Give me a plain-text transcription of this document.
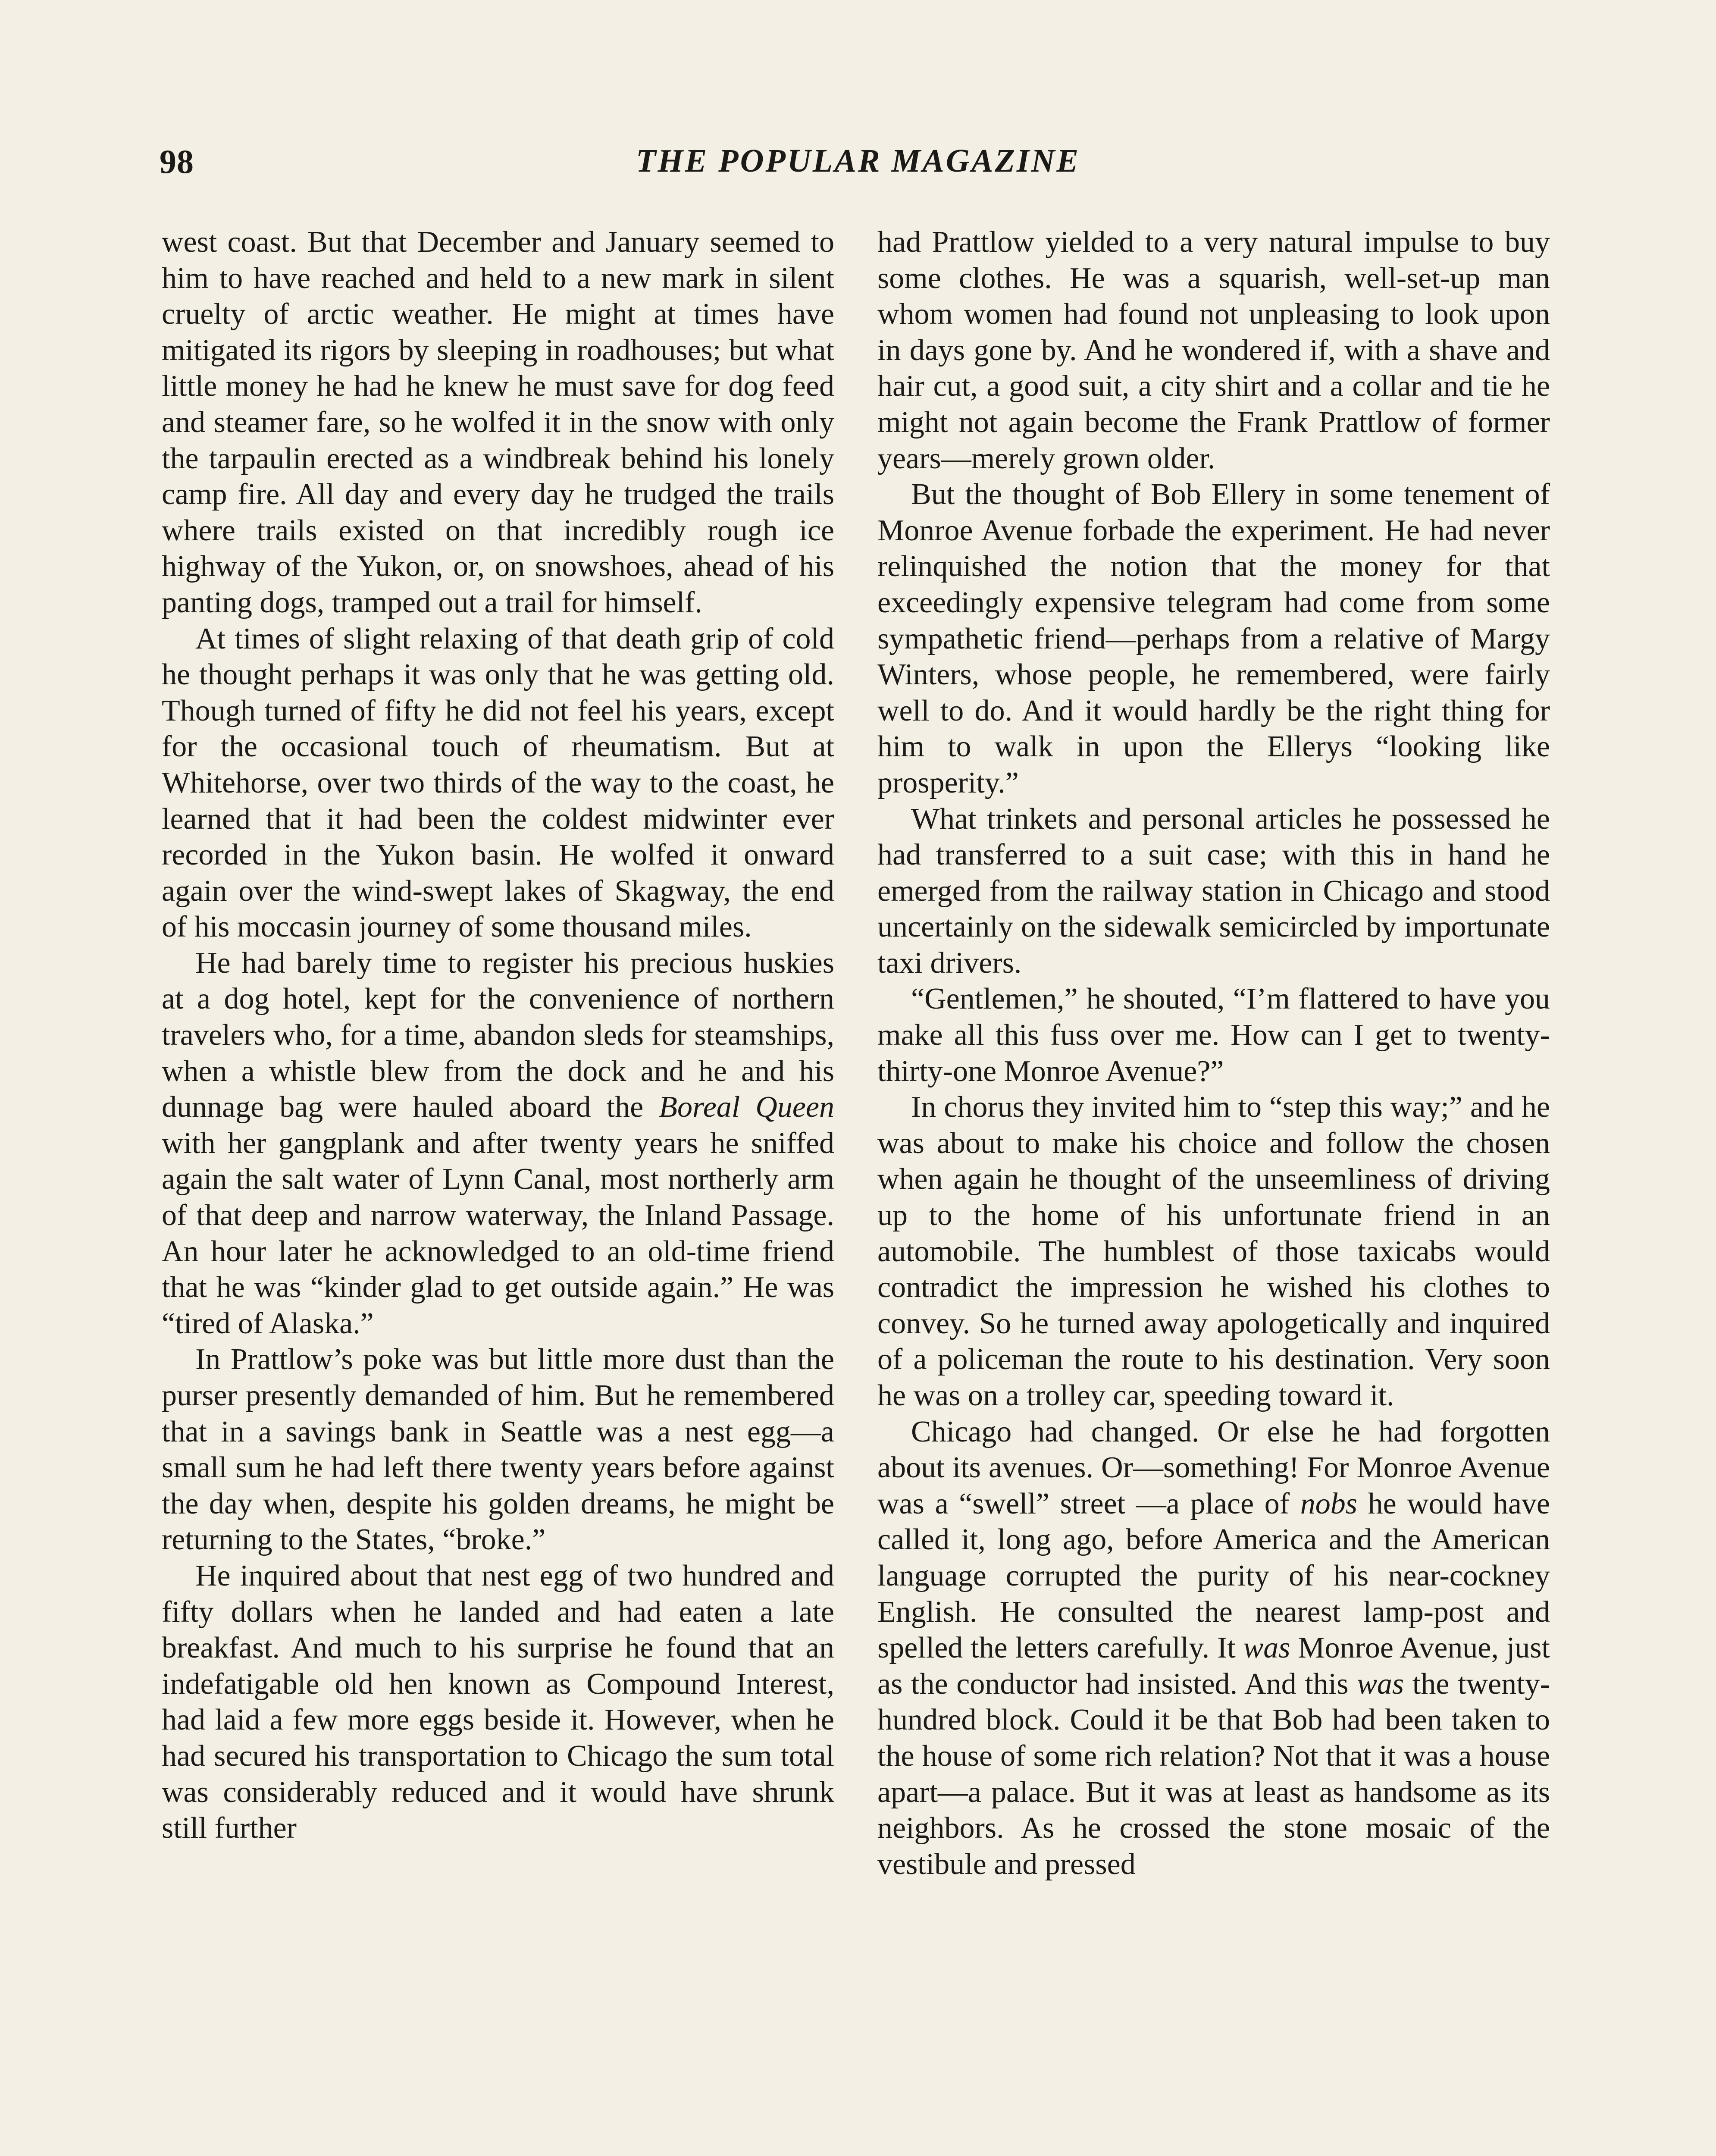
98	THE POPULAR MAGAZINE

west coast. But that December and January seemed to him to have reached and held to a new mark in silent cruelty of arctic weather. He might at times have mitigated its rigors by sleeping in roadhouses; but what little money he had he knew he must save for dog feed and steamer fare, so he wolfed it in the snow with only the tarpaulin erected as a windbreak behind his lonely camp fire. All day and every day he trudged the trails where trails existed on that incredibly rough ice highway of the Yukon, or, on snowshoes, ahead of his panting dogs, tramped out a trail for himself.

At times of slight relaxing of that death grip of cold he thought perhaps it was only that he was getting old. Though turned of fifty he did not feel his years, except for the occasional touch of rheumatism. But at Whitehorse, over two thirds of the way to the coast, he learned that it had been the coldest midwinter ever recorded in the Yukon basin. He wolfed it onward again over the wind-swept lakes of Skagway, the end of his moccasin journey of some thousand miles.

He had barely time to register his precious huskies at a dog hotel, kept for the convenience of northern travelers who, for a time, abandon sleds for steamships, when a whistle blew from the dock and he and his dunnage bag were hauled aboard the Boreal Queen with her gangplank and after twenty years he sniffed again the salt water of Lynn Canal, most northerly arm of that deep and narrow waterway, the Inland Passage. An hour later he acknowledged to an old-time friend that he was “kinder glad to get outside again.” He was “tired of Alaska.”

In Prattlow’s poke was but little more dust than the purser presently demanded of him. But he remembered that in a savings bank in Seattle was a nest egg—a small sum he had left there twenty years before against the day when, despite his golden dreams, he might be returning to the States, “broke.”

He inquired about that nest egg of two hundred and fifty dollars when he landed and had eaten a late breakfast. And much to his surprise he found that an indefatigable old hen known as Compound Interest, had laid a few more eggs beside it. However, when he had secured his transportation to Chicago the sum total was considerably reduced and it would have shrunk still further

had Prattlow yielded to a very natural impulse to buy some clothes. He was a squarish, well-set-up man whom women had found not unpleasing to look upon in days gone by. And he wondered if, with a shave and hair cut, a good suit, a city shirt and a collar and tie he might not again become the Frank Prattlow of former years—merely grown older.

But the thought of Bob Ellery in some tenement of Monroe Avenue forbade the experiment. He had never relinquished the notion that the money for that exceedingly expensive telegram had come from some sympathetic friend—perhaps from a relative of Margy Winters, whose people, he remembered, were fairly well to do. And it would hardly be the right thing for him to walk in upon the Ellerys “looking like prosperity.”

What trinkets and personal articles he possessed he had transferred to a suit case; with this in hand he emerged from the railway station in Chicago and stood uncertainly on the sidewalk semicircled by importunate taxi drivers.

“Gentlemen,” he shouted, “I’m flattered to have you make all this fuss over me. How can I get to twenty-thirty-one Monroe Avenue?”

In chorus they invited him to “step this way;” and he was about to make his choice and follow the chosen when again he thought of the unseemliness of driving up to the home of his unfortunate friend in an automobile. The humblest of those taxicabs would contradict the impression he wished his clothes to convey. So he turned away apologetically and inquired of a policeman the route to his destination. Very soon he was on a trolley car, speeding toward it.

Chicago had changed. Or else he had forgotten about its avenues. Or—something! For Monroe Avenue was a “swell” street —a place of nobs he would have called it, long ago, before America and the American language corrupted the purity of his near-cockney English. He consulted the nearest lamp-post and spelled the letters carefully. It was Monroe Avenue, just as the conductor had insisted. And this was the twenty-hundred block. Could it be that Bob had been taken to the house of some rich relation? Not that it was a house apart—a palace. But it was at least as handsome as its neighbors. As he crossed the stone mosaic of the vestibule and pressed
